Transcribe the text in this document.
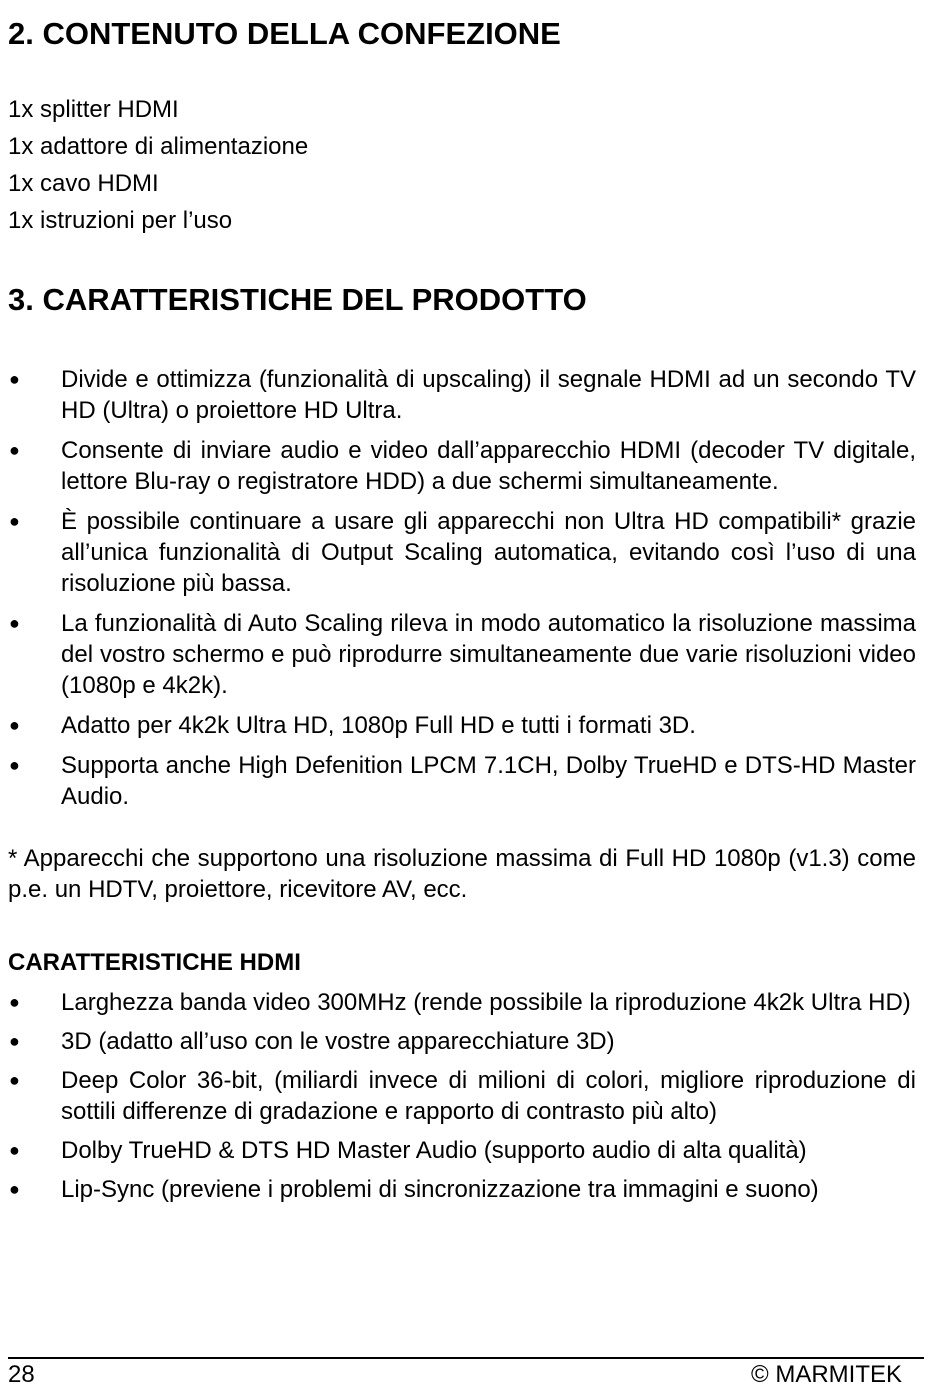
2. CONTENUTO DELLA CONFEZIONE
1x splitter HDMI
1x adattore di alimentazione
1x cavo HDMI
1x istruzioni per l’uso
3. CARATTERISTICHE DEL PRODOTTO
● Divide e ottimizza (funzionalità di upscaling) il segnale HDMI ad un secondo TV HD (Ultra) o proiettore HD Ultra.
● Consente di inviare audio e video dall’apparecchio HDMI (decoder TV digitale, lettore Blu-ray o registratore HDD) a due schermi simultaneamente.
● È possibile continuare a usare gli apparecchi non Ultra HD compatibili* grazie all’unica funzionalità di Output Scaling automatica, evitando così l’uso di una risoluzione più bassa.
● La funzionalità di Auto Scaling rileva in modo automatico la risoluzione massima del vostro schermo e può riprodurre simultaneamente due varie risoluzioni video (1080p e 4k2k).
● Adatto per 4k2k Ultra HD, 1080p Full HD e tutti i formati 3D.
● Supporta anche High Defenition LPCM 7.1CH, Dolby TrueHD e DTS-HD Master Audio.

* Apparecchi che supportono una risoluzione massima di Full HD 1080p (v1.3) come p.e. un HDTV, proiettore, ricevitore AV, ecc.

CARATTERISTICHE HDMI
● Larghezza banda video 300MHz (rende possibile la riproduzione 4k2k Ultra HD)
● 3D (adatto all’uso con le vostre apparecchiature 3D)
● Deep Color 36-bit, (miliardi invece di milioni di colori, migliore riproduzione di sottili differenze di gradazione e rapporto di contrasto più alto)
● Dolby TrueHD & DTS HD Master Audio (supporto audio di alta qualità)
● Lip-Sync (previene i problemi di sincronizzazione tra immagini e suono)
28	© MARMITEK
